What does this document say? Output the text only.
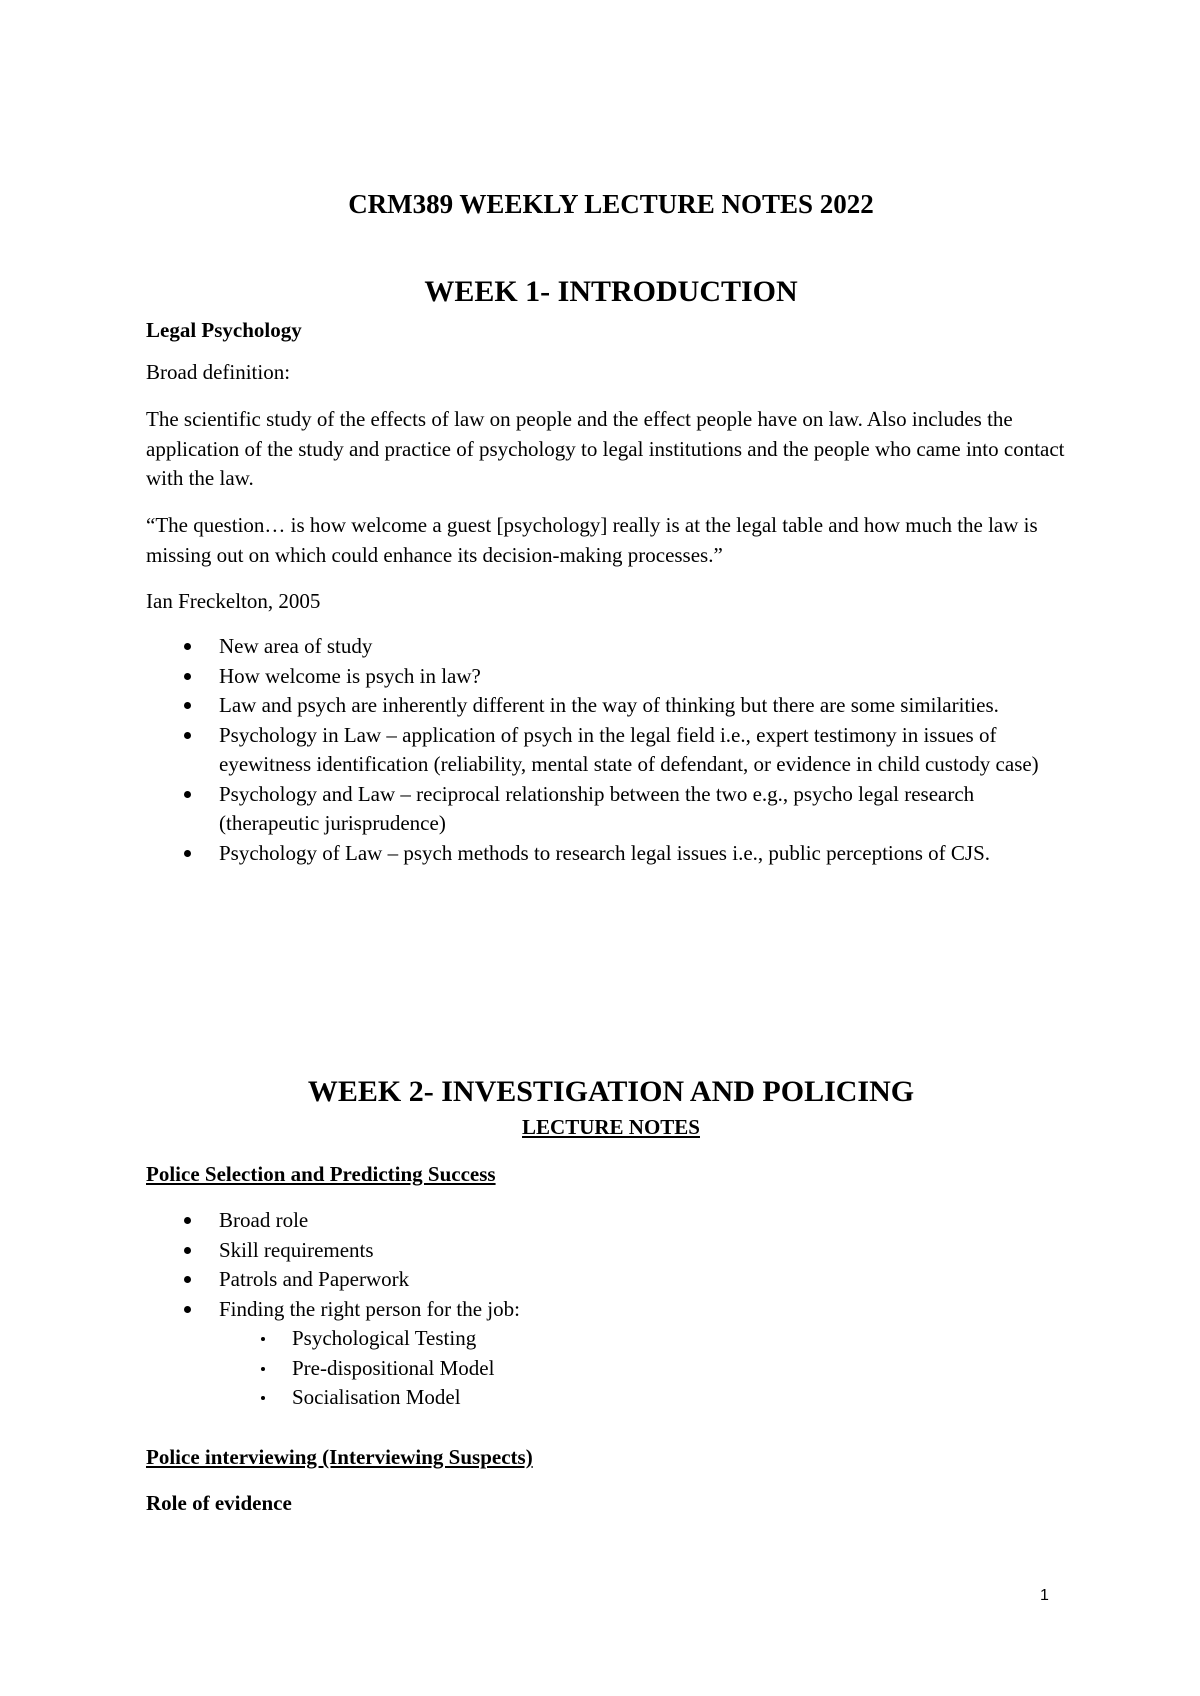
CRM389 WEEKLY LECTURE NOTES 2022
WEEK 1- INTRODUCTION
Legal Psychology

Broad definition:

The scientific study of the effects of law on people and the effect people have on law. Also includes the application of the study and practice of psychology to legal institutions and the people who came into contact with the law.

“The question… is how welcome a guest [psychology] really is at the legal table and how much the law is missing out on which could enhance its decision-making processes.”

Ian Freckelton, 2005

New area of study
How welcome is psych in law?
Law and psych are inherently different in the way of thinking but there are some similarities.
Psychology in Law – application of psych in the legal field i.e., expert testimony in issues of eyewitness identification (reliability, mental state of defendant, or evidence in child custody case)
Psychology and Law – reciprocal relationship between the two e.g., psycho legal research (therapeutic jurisprudence)
Psychology of Law – psych methods to research legal issues i.e., public perceptions of CJS.
WEEK 2- INVESTIGATION AND POLICING
LECTURE NOTES
Police Selection and Predicting Success
Broad role
Skill requirements
Patrols and Paperwork
Finding the right person for the job:
Psychological Testing
Pre-dispositional Model
Socialisation Model
Police interviewing (Interviewing Suspects)
Role of evidence
1
